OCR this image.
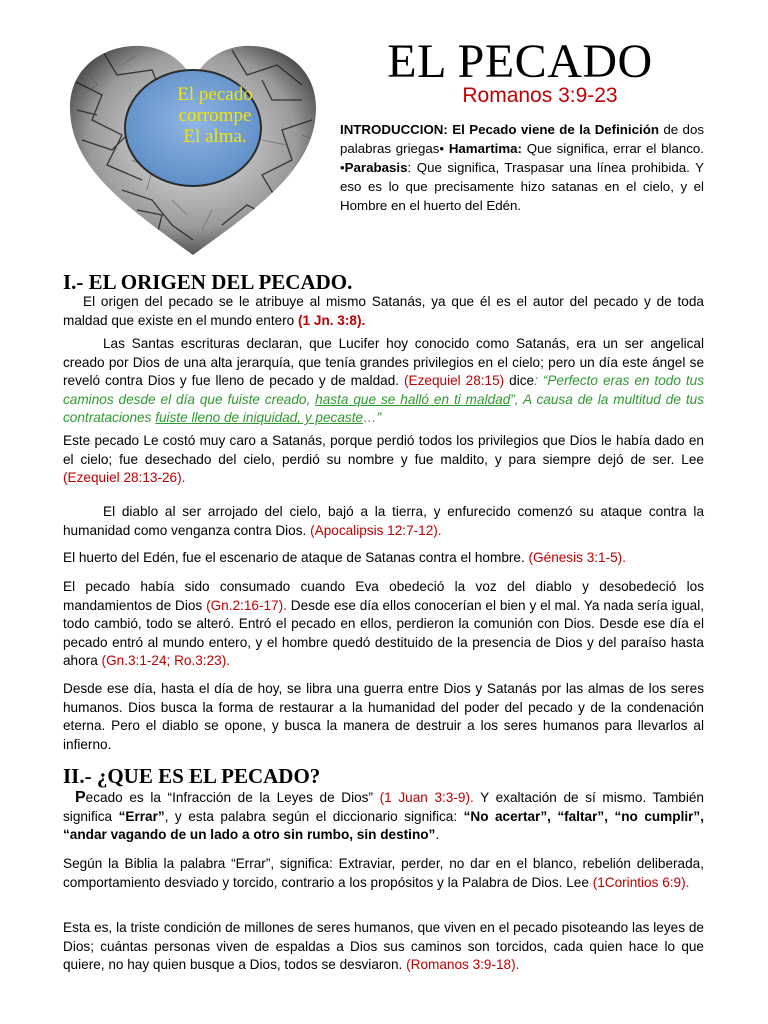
El pecado
corrompe
El alma.
EL PECADO
Romanos 3:9-23
INTRODUCCION: El Pecado viene de la Definición de dos palabras griegas• Hamartima: Que significa, errar el blanco. •Parabasis: Que significa, Traspasar una línea prohibida. Y eso es lo que precisamente hizo satanas en el cielo, y el Hombre en el huerto del Edén.
I.- EL ORIGEN DEL PECADO.
El origen del pecado se le atribuye al mismo Satanás, ya que él es el autor del pecado y de toda maldad que existe en el mundo entero (1 Jn. 3:8).
Las Santas escrituras declaran, que Lucifer hoy conocido como Satanás, era un ser angelical creado por Dios de una alta jerarquía, que tenía grandes privilegios en el cielo; pero un día este ángel se reveló contra Dios y fue lleno de pecado y de maldad. (Ezequiel 28:15) dice: “Perfecto eras en todo tus caminos desde el día que fuiste creado, hasta que se halló en ti maldad”, A causa de la multitud de tus contrataciones fuiste lleno de iniquidad, y pecaste…”
Este pecado Le costó muy caro a Satanás, porque perdió todos los privilegios que Dios le había dado en el cielo; fue desechado del cielo, perdió su nombre y fue maldito, y para siempre dejó de ser. Lee (Ezequiel 28:13-26).
El diablo al ser arrojado del cielo, bajó a la tierra, y enfurecido comenzó su ataque contra la humanidad como venganza contra Dios. (Apocalipsis 12:7-12).
El huerto del Edén, fue el escenario de ataque de Satanas contra el hombre. (Génesis 3:1-5).
El pecado había sido consumado cuando Eva obedeció la voz del diablo y desobedeció los mandamientos de Dios (Gn.2:16-17). Desde ese día ellos conocerían el bien y el mal. Ya nada sería igual, todo cambió, todo se alteró. Entró el pecado en ellos, perdieron la comunión con Dios. Desde ese día el pecado entró al mundo entero, y el hombre quedó destituido de la presencia de Dios y del paraíso hasta ahora (Gn.3:1-24; Ro.3:23).
Desde ese día, hasta el día de hoy, se libra una guerra entre Dios y Satanás por las almas de los seres humanos. Dios busca la forma de restaurar a la humanidad del poder del pecado y de la condenación eterna. Pero el diablo se opone, y busca la manera de destruir a los seres humanos para llevarlos al infierno.
II.- ¿QUE ES EL PECADO?
Pecado es la “Infracción de la Leyes de Dios” (1 Juan 3:3-9). Y exaltación de sí mismo. También significa “Errar”, y esta palabra según el diccionario significa: “No acertar”, “faltar”, “no cumplir”, “andar vagando de un lado a otro sin rumbo, sin destino”.
Según la Biblia la palabra “Errar”, significa: Extraviar, perder, no dar en el blanco, rebelión deliberada, comportamiento desviado y torcido, contrario a los propósitos y la Palabra de Dios. Lee (1Corintios 6:9).
Esta es, la triste condición de millones de seres humanos, que viven en el pecado pisoteando las leyes de Dios; cuántas personas viven de espaldas a Dios sus caminos son torcidos, cada quien hace lo que quiere, no hay quien busque a Dios, todos se desviaron. (Romanos 3:9-18).
